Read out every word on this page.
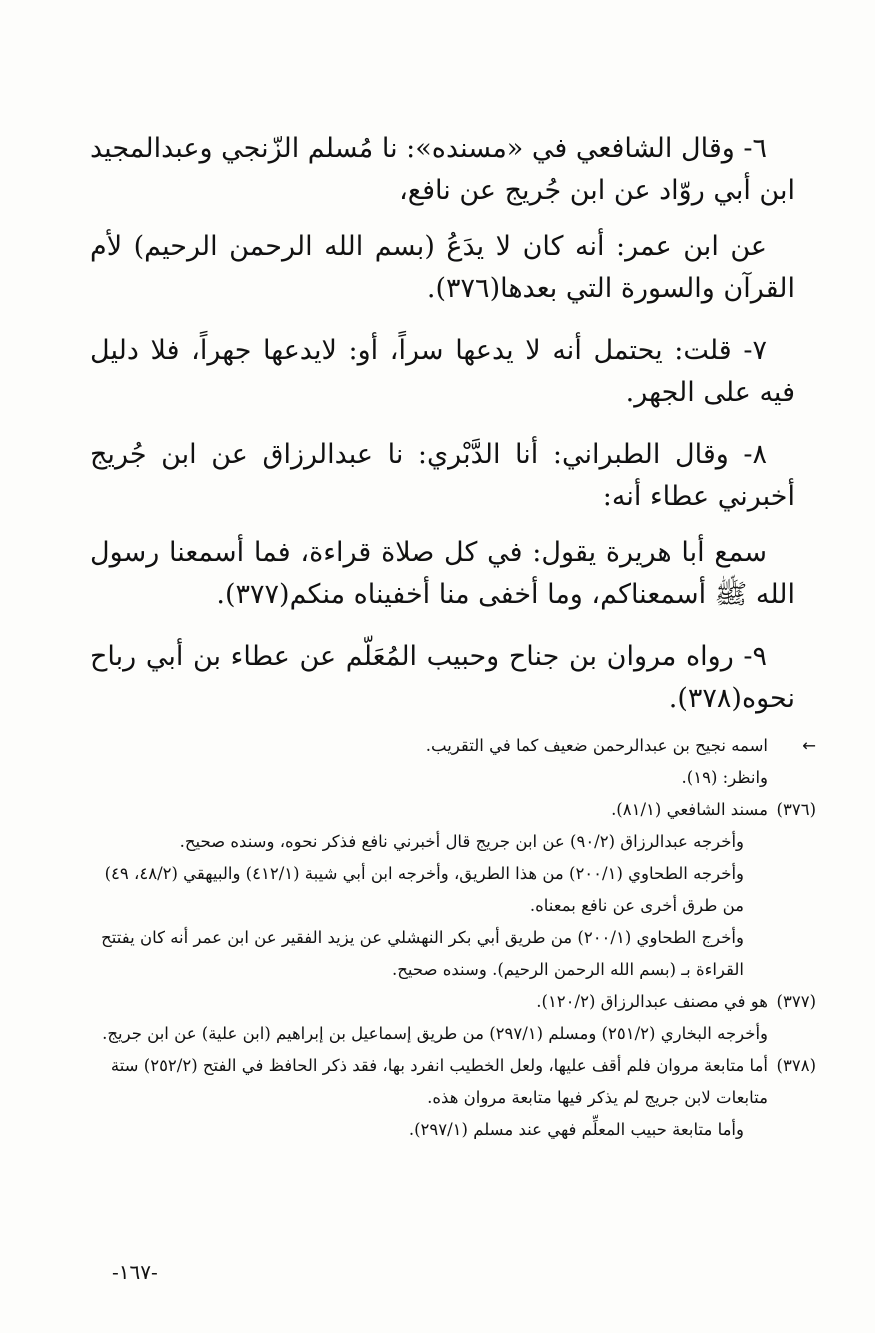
٦- وقال الشافعي في «مسنده»: نا مُسلم الزّنجي وعبدالمجيد ابن أبي روّاد عن ابن جُريج عن نافع،

عن ابن عمر: أنه كان لا يدَعُ (بسم الله الرحمن الرحيم) لأم القرآن والسورة التي بعدها(٣٧٦).

٧- قلت: يحتمل أنه لا يدعها سراً، أو: لايدعها جهراً، فلا دليل فيه على الجهر.

٨- وقال الطبراني: أنا الدَّبْري: نا عبدالرزاق عن ابن جُريج أخبرني عطاء أنه:

سمع أبا هريرة يقول: في كل صلاة قراءة، فما أسمعنا رسول الله ﷺ أسمعناكم، وما أخفى منا أخفيناه منكم(٣٧٧).

٩- رواه مروان بن جناح وحبيب المُعَلّم عن عطاء بن أبي رباح نحوه(٣٧٨).

←
اسمه نجيح بن عبدالرحمن ضعيف كما في التقريب.
وانظر: (١٩).
(٣٧٦)
مسند الشافعي (٨١/١).
وأخرجه عبدالرزاق (٩٠/٢) عن ابن جريج قال أخبرني نافع فذكر نحوه، وسنده صحيح.
وأخرجه الطحاوي (٢٠٠/١) من هذا الطريق، وأخرجه ابن أبي شيبة (٤١٢/١) والبيهقي (٤٨/٢، ٤٩) من طرق أخرى عن نافع بمعناه.
وأخرج الطحاوي (٢٠٠/١) من طريق أبي بكر النهشلي عن يزيد الفقير عن ابن عمر أنه كان يفتتح القراءة بـ (بسم الله الرحمن الرحيم). وسنده صحيح.
(٣٧٧)
هو في مصنف عبدالرزاق (١٢٠/٢).
وأخرجه البخاري (٢٥١/٢) ومسلم (٢٩٧/١) من طريق إسماعيل بن إبراهيم (ابن علية) عن ابن جريج.
(٣٧٨)
أما متابعة مروان فلم أقف عليها، ولعل الخطيب انفرد بها، فقد ذكر الحافظ في الفتح (٢٥٢/٢) ستة متابعات لابن جريج لم يذكر فيها متابعة مروان هذه.
وأما متابعة حبيب المعلِّم فهي عند مسلم (٢٩٧/١).
-١٦٧-
